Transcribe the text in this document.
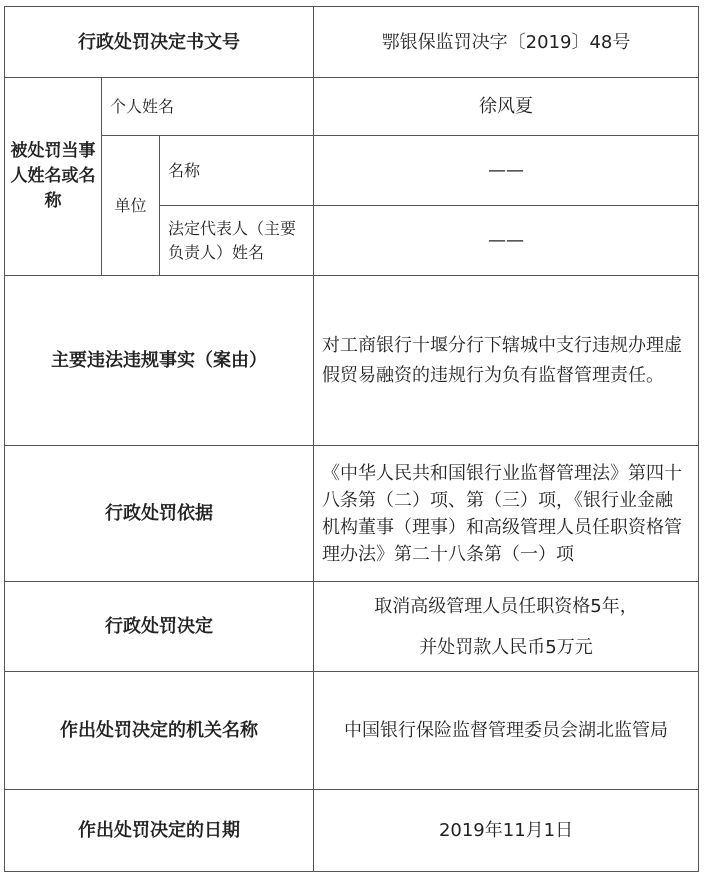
行政处罚决定书文号			鄂银保监罚决字〔2019〕48号
被处罚当事人姓名或名称	个人姓名		徐风夏
	单位	名称	——
		法定代表人（主要负责人）姓名	——
主要违法违规事实（案由）			对工商银行十堰分行下辖城中支行违规办理虚假贸易融资的违规行为负有监督管理责任。
行政处罚依据			《中华人民共和国银行业监督管理法》第四十八条第（二）项、第（三）项，《银行业金融机构董事（理事）和高级管理人员任职资格管理办法》第二十八条第（一）项
行政处罚决定			取消高级管理人员任职资格5年，
并处罚款人民币5万元

作出处罚决定的机关名称			中国银行保险监督管理委员会湖北监管局
作出处罚决定的日期			2019年11月1日
